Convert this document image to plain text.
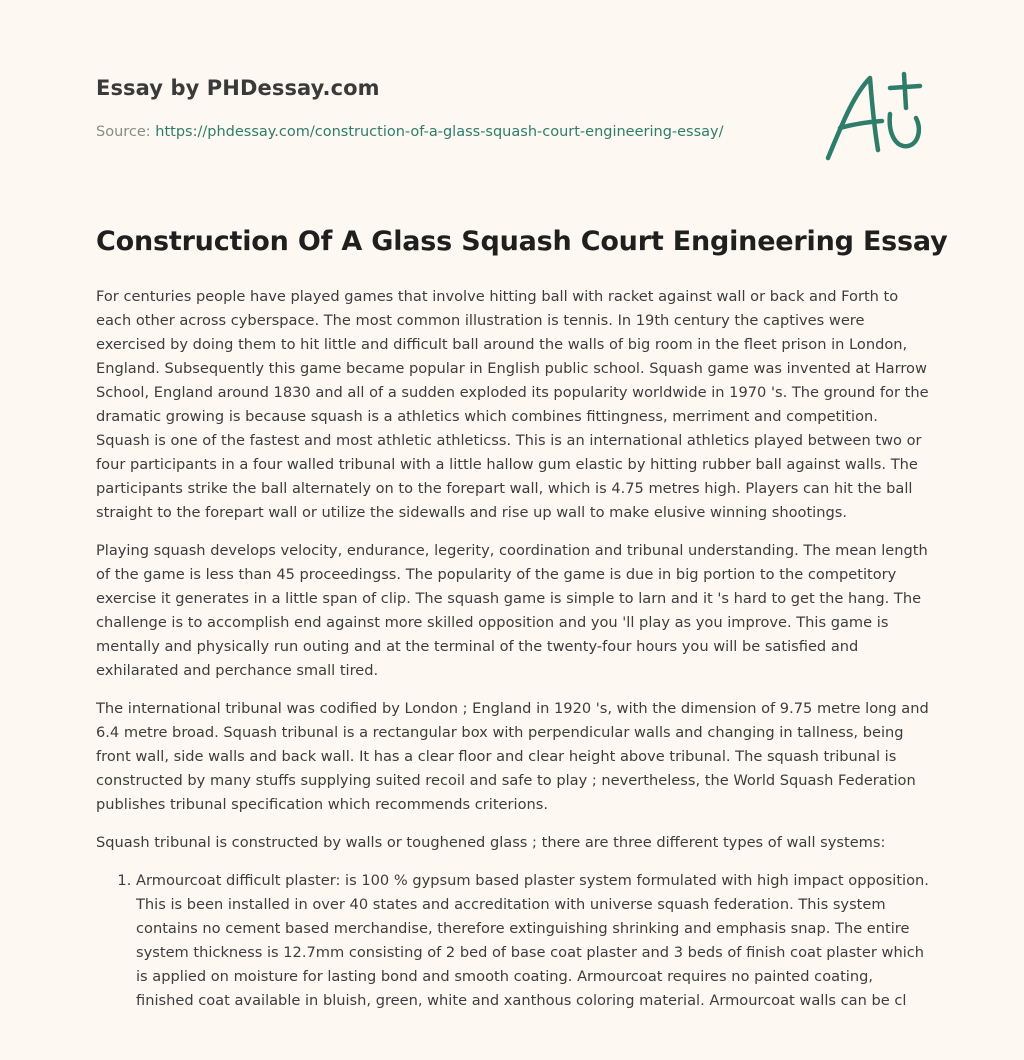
Essay by PHDessay.com
Source: https://phdessay.com/construction-of-a-glass-squash-court-engineering-essay/
Construction Of A Glass Squash Court Engineering Essay

For centuries people have played games that involve hitting ball with racket against wall or back and Forth to each other across cyberspace. The most common illustration is tennis. In 19th century the captives were exercised by doing them to hit little and difficult ball around the walls of big room in the fleet prison in London, England. Subsequently this game became popular in English public school. Squash game was invented at Harrow School, England around 1830 and all of a sudden exploded its popularity worldwide in 1970 's. The ground for the dramatic growing is because squash is a athletics which combines fittingness, merriment and competition. Squash is one of the fastest and most athletic athleticss. This is an international athletics played between two or four participants in a four walled tribunal with a little hallow gum elastic by hitting rubber ball against walls. The participants strike the ball alternately on to the forepart wall, which is 4.75 metres high. Players can hit the ball straight to the forepart wall or utilize the sidewalls and rise up wall to make elusive winning shootings.

Playing squash develops velocity, endurance, legerity, coordination and tribunal understanding. The mean length of the game is less than 45 proceedingss. The popularity of the game is due in big portion to the competitory exercise it generates in a little span of clip. The squash game is simple to larn and it 's hard to get the hang. The challenge is to accomplish end against more skilled opposition and you 'll play as you improve. This game is mentally and physically run outing and at the terminal of the twenty-four hours you will be satisfied and exhilarated and perchance small tired.

The international tribunal was codified by London ; England in 1920 's, with the dimension of 9.75 metre long and 6.4 metre broad. Squash tribunal is a rectangular box with perpendicular walls and changing in tallness, being front wall, side walls and back wall. It has a clear floor and clear height above tribunal. The squash tribunal is constructed by many stuffs supplying suited recoil and safe to play ; nevertheless, the World Squash Federation publishes tribunal specification which recommends criterions.

Squash tribunal is constructed by walls or toughened glass ; there are three different types of wall systems:

1. Armourcoat difficult plaster: is 100 % gypsum based plaster system formulated with high impact opposition. This is been installed in over 40 states and accreditation with universe squash federation. This system contains no cement based merchandise, therefore extinguishing shrinking and emphasis snap. The entire system thickness is 12.7mm consisting of 2 bed of base coat plaster and 3 beds of finish coat plaster which is applied on moisture for lasting bond and smooth coating. Armourcoat requires no painted coating, finished coat available in bluish, green, white and xanthous coloring material. Armourcoat walls can be cl
